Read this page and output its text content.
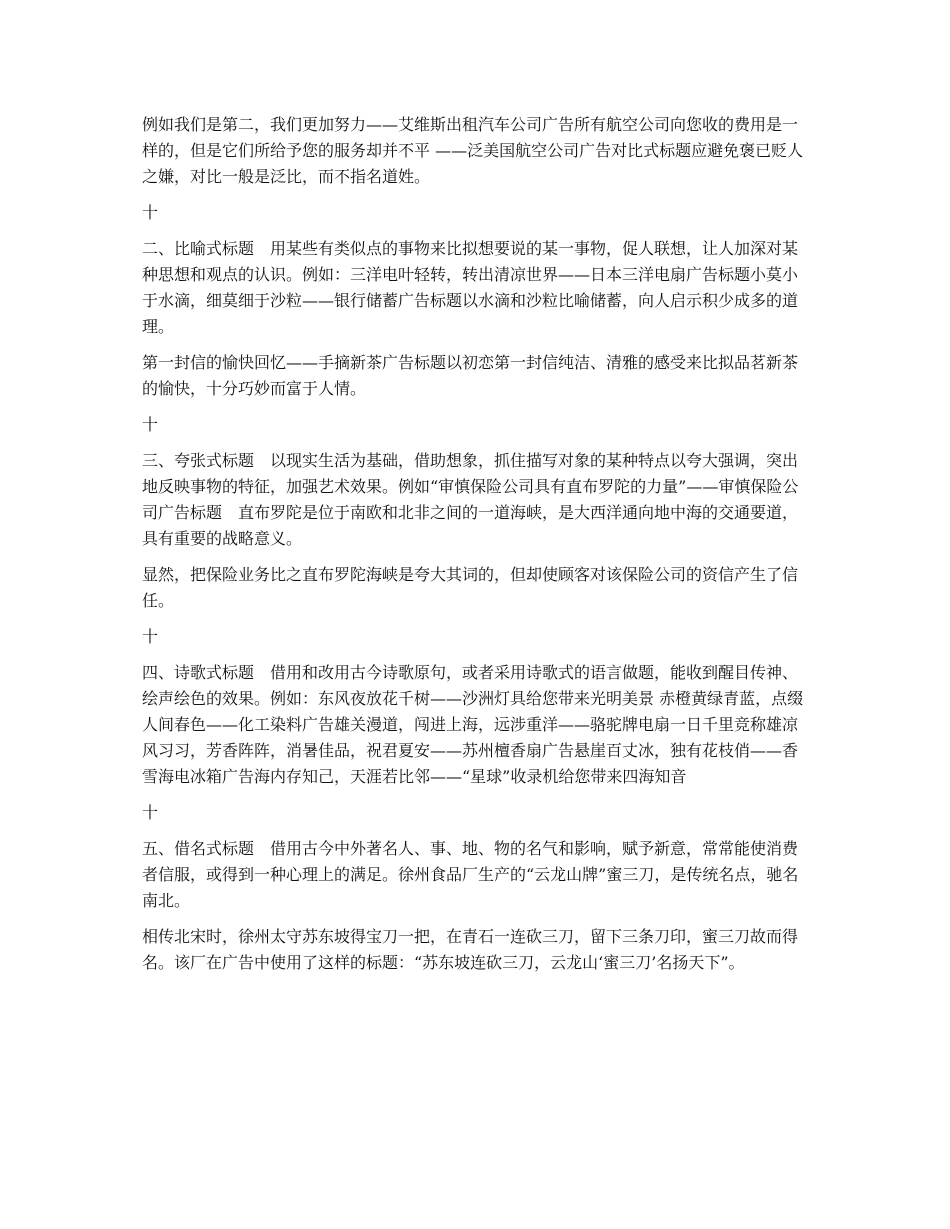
例如我们是第二，我们更加努力——艾维斯出租汽车公司广告所有航空公司向您收的费用是一样的，但是它们所给予您的服务却并不平 ——泛美国航空公司广告对比式标题应避免褒已贬人之嫌，对比一般是泛比，而不指名道姓。

十

二、比喻式标题　用某些有类似点的事物来比拟想要说的某一事物，促人联想，让人加深对某种思想和观点的认识。例如：三洋电叶轻转，转出清凉世界——日本三洋电扇广告标题小莫小于水滴，细莫细于沙粒——银行储蓄广告标题以水滴和沙粒比喻储蓄，向人启示积少成多的道理。

第一封信的愉快回忆——手摘新茶广告标题以初恋第一封信纯洁、清雅的感受来比拟品茗新茶的愉快，十分巧妙而富于人情。

十

三、夸张式标题　以现实生活为基础，借助想象，抓住描写对象的某种特点以夸大强调，突出地反映事物的特征，加强艺术效果。例如“审慎保险公司具有直布罗陀的力量”——审慎保险公司广告标题　直布罗陀是位于南欧和北非之间的一道海峡，是大西洋通向地中海的交通要道，具有重要的战略意义。

显然，把保险业务比之直布罗陀海峡是夸大其词的，但却使顾客对该保险公司的资信产生了信任。

十

四、诗歌式标题　借用和改用古今诗歌原句，或者采用诗歌式的语言做题，能收到醒目传神、绘声绘色的效果。例如：东风夜放花千树——沙洲灯具给您带来光明美景 赤橙黄绿青蓝，点缀人间春色——化工染料广告雄关漫道，闯进上海，远涉重洋——骆驼牌电扇一日千里竞称雄凉风习习，芳香阵阵，消暑佳品，祝君夏安——苏州檀香扇广告悬崖百丈冰，独有花枝俏——香雪海电冰箱广告海内存知己，天涯若比邻——“星球”收录机给您带来四海知音

十

五、借名式标题　借用古今中外著名人、事、地、物的名气和影响，赋予新意，常常能使消费者信服，或得到一种心理上的满足。徐州食品厂生产的“云龙山牌”蜜三刀，是传统名点，驰名南北。

相传北宋时，徐州太守苏东坡得宝刀一把，在青石一连砍三刀，留下三条刀印，蜜三刀故而得名。该厂在广告中使用了这样的标题：“苏东坡连砍三刀，云龙山‘蜜三刀’名扬天下”。
